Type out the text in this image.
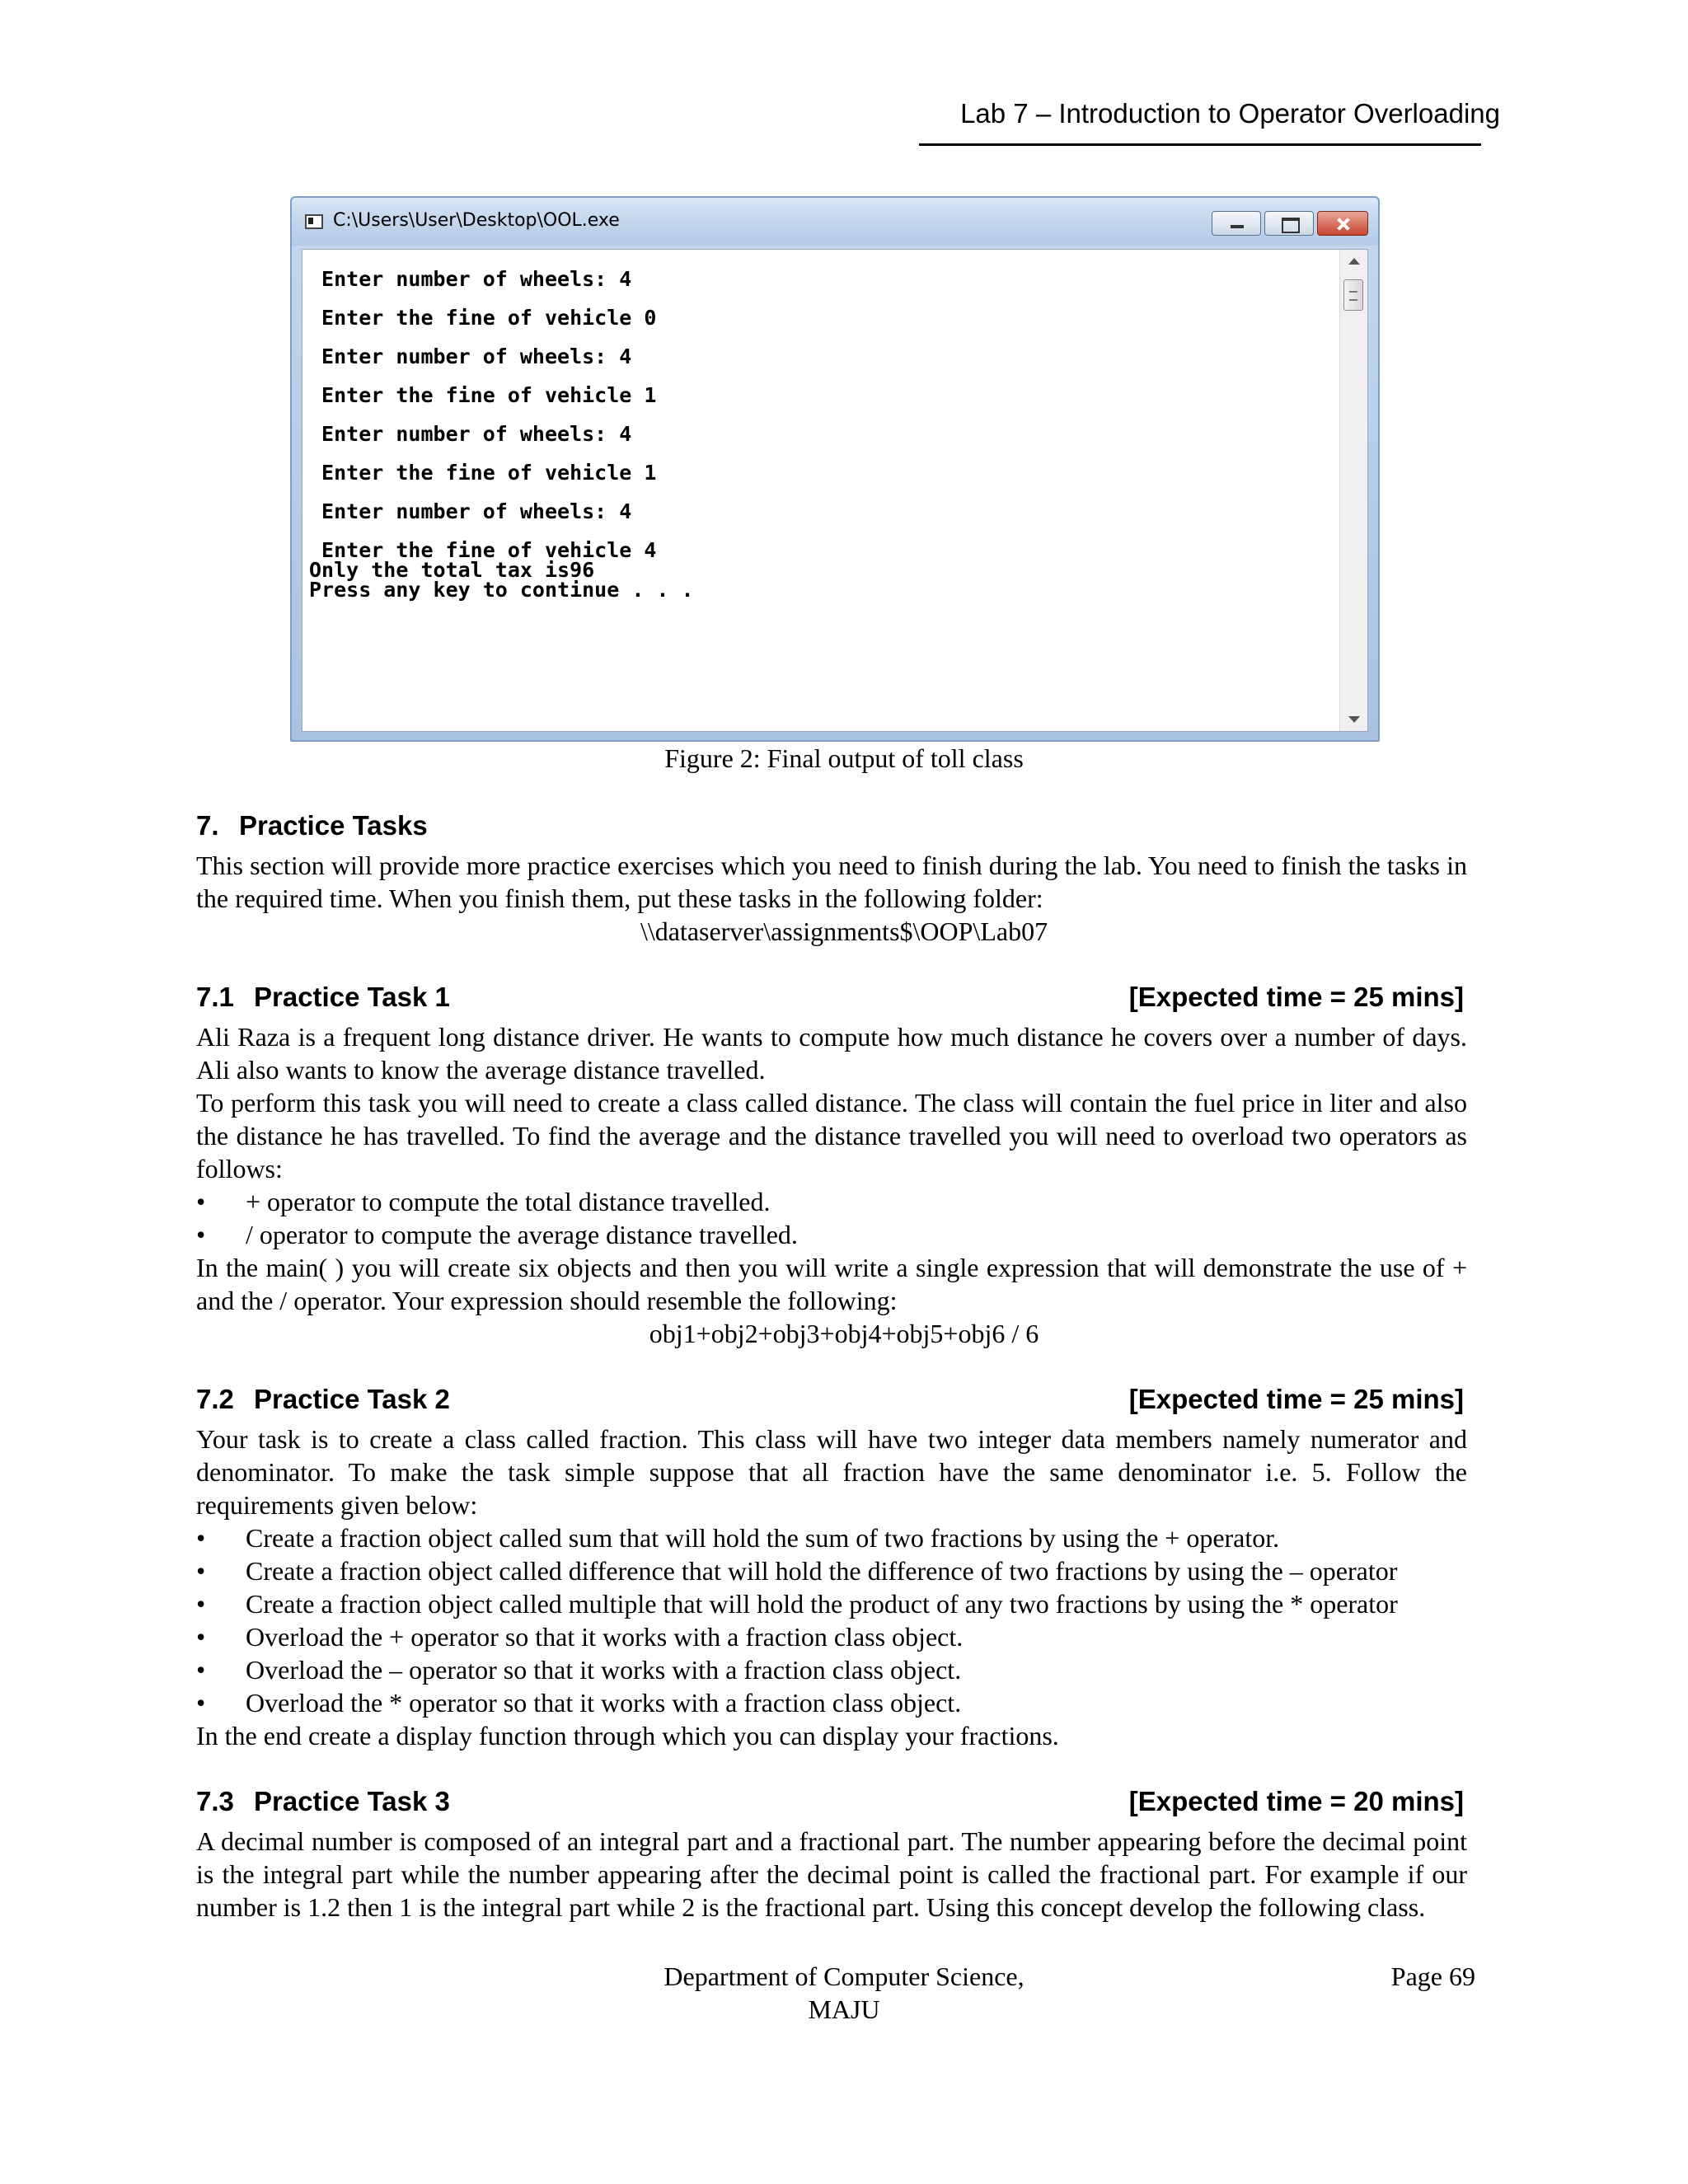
Lab 7 – Introduction to Operator Overloading
C:\Users\User\Desktop\OOL.exe
Enter number of wheels: 4
Enter the fine of vehicle 0
Enter number of wheels: 4
Enter the fine of vehicle 1
Enter number of wheels: 4
Enter the fine of vehicle 1
Enter number of wheels: 4
Enter the fine of vehicle 4
Only the total tax is96
Press any key to continue . . .
Figure 2: Final output of toll class
7. Practice Tasks
This section will provide more practice exercises which you need to finish during the lab. You need to finish the tasks in the required time. When you finish them, put these tasks in the following folder:
\\dataserver\assignments$\OOP\Lab07
7.1 Practice Task 1	[Expected time = 25 mins]
Ali Raza is a frequent long distance driver. He wants to compute how much distance he covers over a number of days. Ali also wants to know the average distance travelled.
To perform this task you will need to create a class called distance. The class will contain the fuel price in liter and also the distance he has travelled. To find the average and the distance travelled you will need to overload two operators as follows:
• + operator to compute the total distance travelled.
• / operator to compute the average distance travelled.
In the main( ) you will create six objects and then you will write a single expression that will demonstrate the use of + and the / operator. Your expression should resemble the following:
obj1+obj2+obj3+obj4+obj5+obj6 / 6
7.2 Practice Task 2	[Expected time = 25 mins]
Your task is to create a class called fraction. This class will have two integer data members namely numerator and denominator. To make the task simple suppose that all fraction have the same denominator i.e. 5. Follow the requirements given below:
• Create a fraction object called sum that will hold the sum of two fractions by using the + operator.
• Create a fraction object called difference that will hold the difference of two fractions by using the – operator
• Create a fraction object called multiple that will hold the product of any two fractions by using the * operator
• Overload the + operator so that it works with a fraction class object.
• Overload the – operator so that it works with a fraction class object.
• Overload the * operator so that it works with a fraction class object.
In the end create a display function through which you can display your fractions.
7.3 Practice Task 3	[Expected time = 20 mins]
A decimal number is composed of an integral part and a fractional part. The number appearing before the decimal point is the integral part while the number appearing after the decimal point is called the fractional part. For example if our number is 1.2 then 1 is the integral part while 2 is the fractional part. Using this concept develop the following class.
Department of Computer Science,
MAJU
Page 69
